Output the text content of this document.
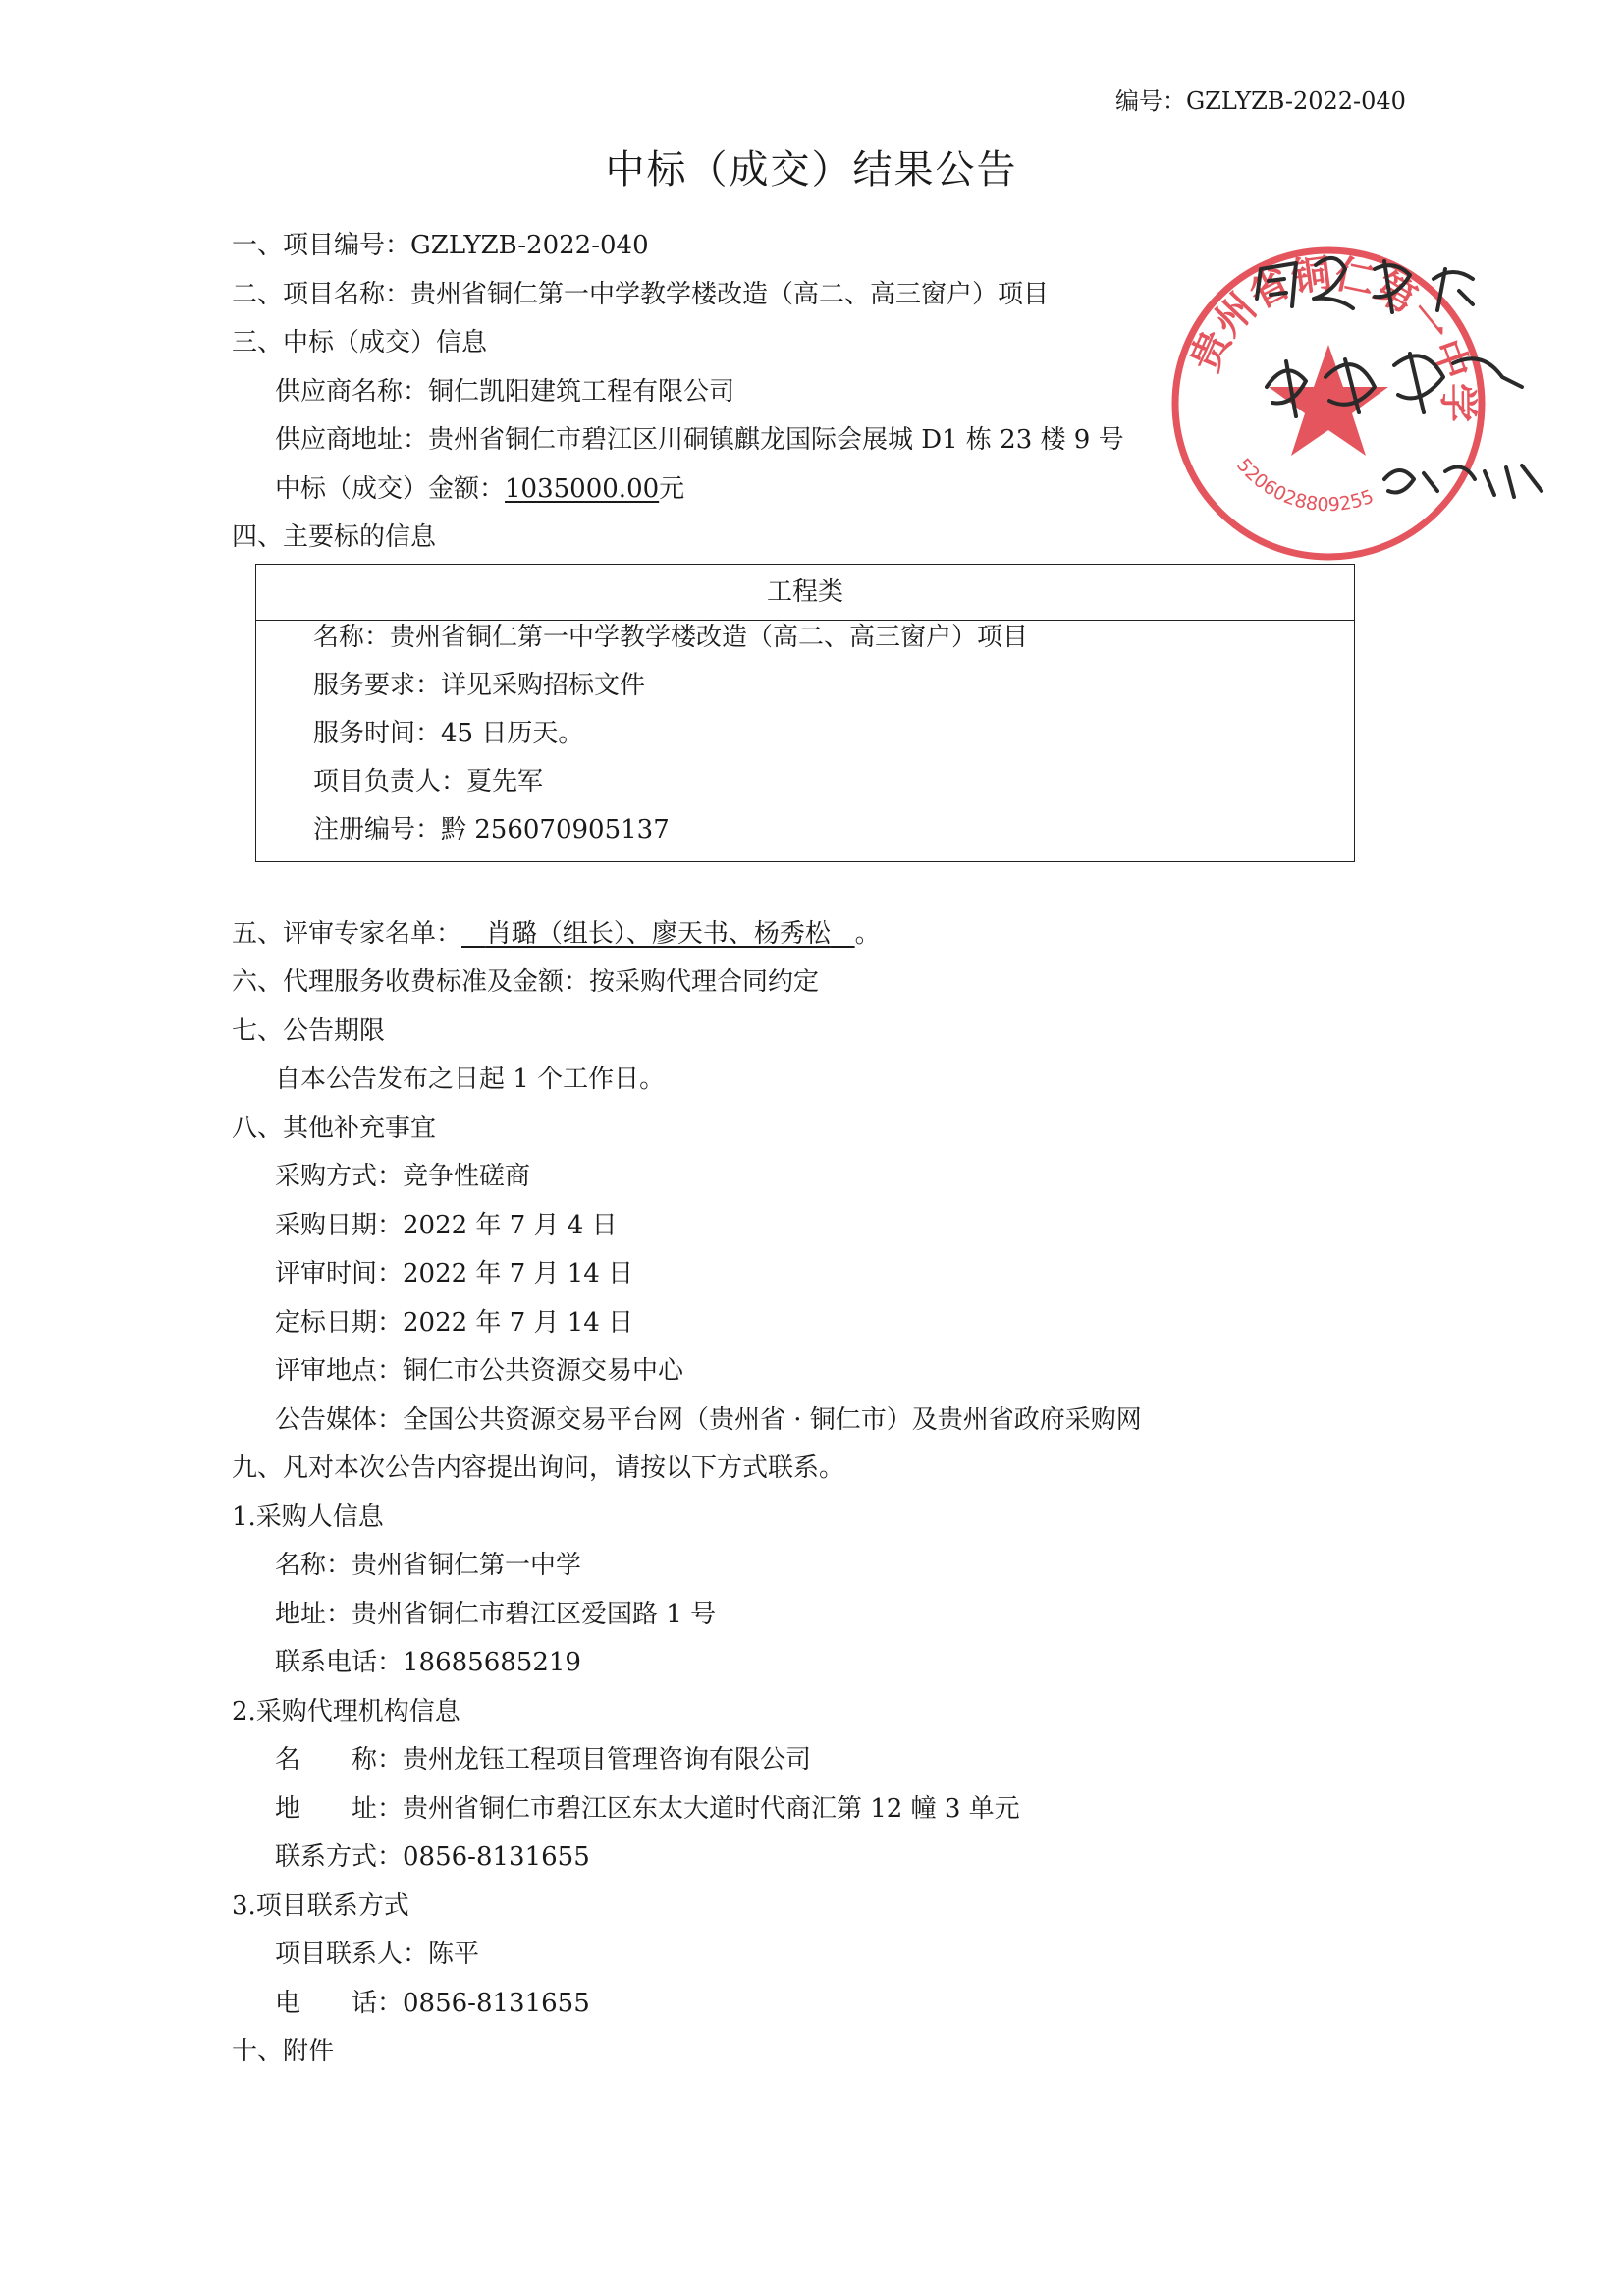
编号：GZLYZB-2022-040
中标（成交）结果公告
一、项目编号：GZLYZB-2022-040
二、项目名称：贵州省铜仁第一中学教学楼改造（高二、高三窗户）项目
三、中标（成交）信息
供应商名称：铜仁凯阳建筑工程有限公司
供应商地址：贵州省铜仁市碧江区川硐镇麒龙国际会展城 D1 栋 23 楼 9 号
中标（成交）金额：1035000.00元
四、主要标的信息
工程类
名称：贵州省铜仁第一中学教学楼改造（高二、高三窗户）项目
服务要求：详见采购招标文件
服务时间：45 日历天。
项目负责人：夏先军
注册编号：黔 256070905137
五、评审专家名单： 肖璐（组长）、廖天书、杨秀松 。
六、代理服务收费标准及金额：按采购代理合同约定
七、公告期限
自本公告发布之日起 1 个工作日。
八、其他补充事宜
采购方式：竞争性磋商
采购日期：2022 年 7 月 4 日
评审时间：2022 年 7 月 14 日
定标日期：2022 年 7 月 14 日
评审地点：铜仁市公共资源交易中心
公告媒体：全国公共资源交易平台网（贵州省 · 铜仁市）及贵州省政府采购网
九、凡对本次公告内容提出询问，请按以下方式联系。
1.采购人信息
名称：贵州省铜仁第一中学
地址：贵州省铜仁市碧江区爱国路 1 号
联系电话：18685685219
2.采购代理机构信息
名　　称：贵州龙钰工程项目管理咨询有限公司
地　　址：贵州省铜仁市碧江区东太大道时代商汇第 12 幢 3 单元
联系方式：0856-8131655
3.项目联系方式
项目联系人：陈平
电　　话：0856-8131655
十、附件
贵州省铜仁第一中学
5206028809255
